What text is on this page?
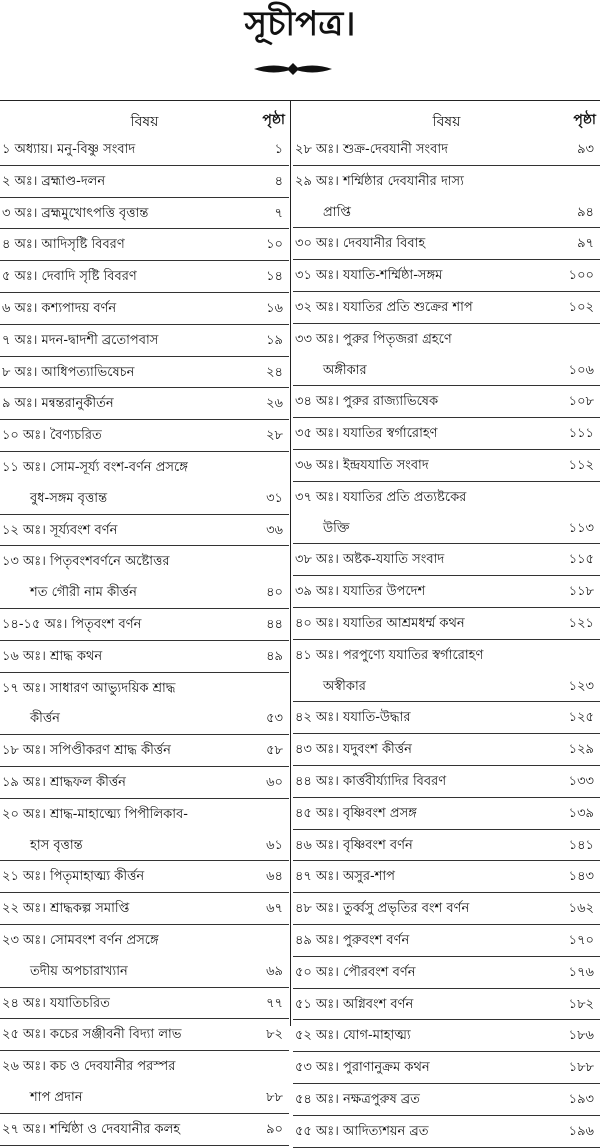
সূচীপত্র।
বিষয়	পৃষ্ঠা
১ অধ্যায়। মনু-বিষ্ণু সংবাদ	১
২ অঃ। ব্রহ্মাণ্ড-দলন	৪
৩ অঃ। ব্রহ্মমুখোৎপত্তি বৃত্তান্ত	৭
৪ অঃ। আদিসৃষ্টি বিবরণ	১০
৫ অঃ। দেবাদি সৃষ্টি বিবরণ	১৪
৬ অঃ। কশ্যপাদয় বর্ণন	১৬
৭ অঃ। মদন-দ্বাদশী ব্রতোপবাস	১৯
৮ অঃ। আধিপত্যাভিষেচন	২৪
৯ অঃ। মন্বন্তরানুকীর্তন	২৬
১০ অঃ। বৈণ্যচরিত	২৮
১১ অঃ। সোম-সূর্য্য বংশ-বর্ণন প্রসঙ্গে
বুধ-সঙ্গম বৃত্তান্ত	৩১
১২ অঃ। সূর্য্যবংশ বর্ণন	৩৬
১৩ অঃ। পিতৃবংশবর্ণনে অষ্টোত্তর
শত গৌরী নাম কীর্ত্তন	৪০
১৪-১৫ অঃ। পিতৃবংশ বর্ণন	৪৪
১৬ অঃ। শ্রাদ্ধ কথন	৪৯
১৭ অঃ। সাধারণ আভ্যুদয়িক শ্রাদ্ধ
কীর্ত্তন	৫৩
১৮ অঃ। সপিণ্ডীকরণ শ্রাদ্ধ কীর্ত্তন	৫৮
১৯ অঃ। শ্রাদ্ধফল কীর্ত্তন	৬০
২০ অঃ। শ্রাদ্ধ-মাহাত্ম্যে পিপীলিকাব-
হাস বৃত্তান্ত	৬১
২১ অঃ। পিতৃমাহাত্ম্য কীর্ত্তন	৬৪
২২ অঃ। শ্রাদ্ধকল্প সমাপ্তি	৬৭
২৩ অঃ। সোমবংশ বর্ণন প্রসঙ্গে
তদীয় অপচারাখ্যান	৬৯
২৪ অঃ। যযাতিচরিত	৭৭
২৫ অঃ। কচের সঞ্জীবনী বিদ্যা লাভ	৮২
২৬ অঃ। কচ ও দেবযানীর পরস্পর
শাপ প্রদান	৮৮
২৭ অঃ। শর্ম্মিষ্ঠা ও দেবযানীর কলহ	৯০
বিষয়	পৃষ্ঠা
২৮ অঃ। শুক্র-দেবযানী সংবাদ	৯৩
২৯ অঃ। শর্ম্মিষ্ঠার দেবযানীর দাস্য
প্রাপ্তি	৯৪
৩০ অঃ। দেবযানীর বিবাহ	৯৭
৩১ অঃ। যযাতি-শর্ম্মিষ্ঠা-সঙ্গম	১০০
৩২ অঃ। যযাতির প্রতি শুক্রের শাপ	১০২
৩৩ অঃ। পুরুর পিতৃজরা গ্রহণে
অঙ্গীকার	১০৬
৩৪ অঃ। পুরুর রাজ্যাভিষেক	১০৮
৩৫ অঃ। যযাতির স্বর্গারোহণ	১১১
৩৬ অঃ। ইন্দ্রযযাতি সংবাদ	১১২
৩৭ অঃ। যযাতির প্রতি প্রত্যষ্টকের
উক্তি	১১৩
৩৮ অঃ। অষ্টক-যযাতি সংবাদ	১১৫
৩৯ অঃ। যযাতির উপদেশ	১১৮
৪০ অঃ। যযাতির আশ্রমধর্ম্ম কথন	১২১
৪১ অঃ। পরপুণ্যে যযাতির স্বর্গারোহণ
অস্বীকার	১২৩
৪২ অঃ। যযাতি-উদ্ধার	১২৫
৪৩ অঃ। যদুবংশ কীর্ত্তন	১২৯
৪৪ অঃ। কার্ত্তবীর্য্যাদির বিবরণ	১৩৩
৪৫ অঃ। বৃষ্ণিবংশ প্রসঙ্গ	১৩৯
৪৬ অঃ। বৃষ্ণিবংশ বর্ণন	১৪১
৪৭ অঃ। অসুর-শাপ	১৪৩
৪৮ অঃ। তুর্ব্বসু প্রভৃতির বংশ বর্ণন	১৬২
৪৯ অঃ। পুরুবংশ বর্ণন	১৭০
৫০ অঃ। পৌরবংশ বর্ণন	১৭৬
৫১ অঃ। অগ্নিবংশ বর্ণন	১৮২
৫২ অঃ। যোগ-মাহাত্ম্য	১৮৬
৫৩ অঃ। পুরাণানুক্রম কথন	১৮৮
৫৪ অঃ। নক্ষত্রপুরুষ ব্রত	১৯৩
৫৫ অঃ। আদিত্যশয়ন ব্রত	১৯৬
